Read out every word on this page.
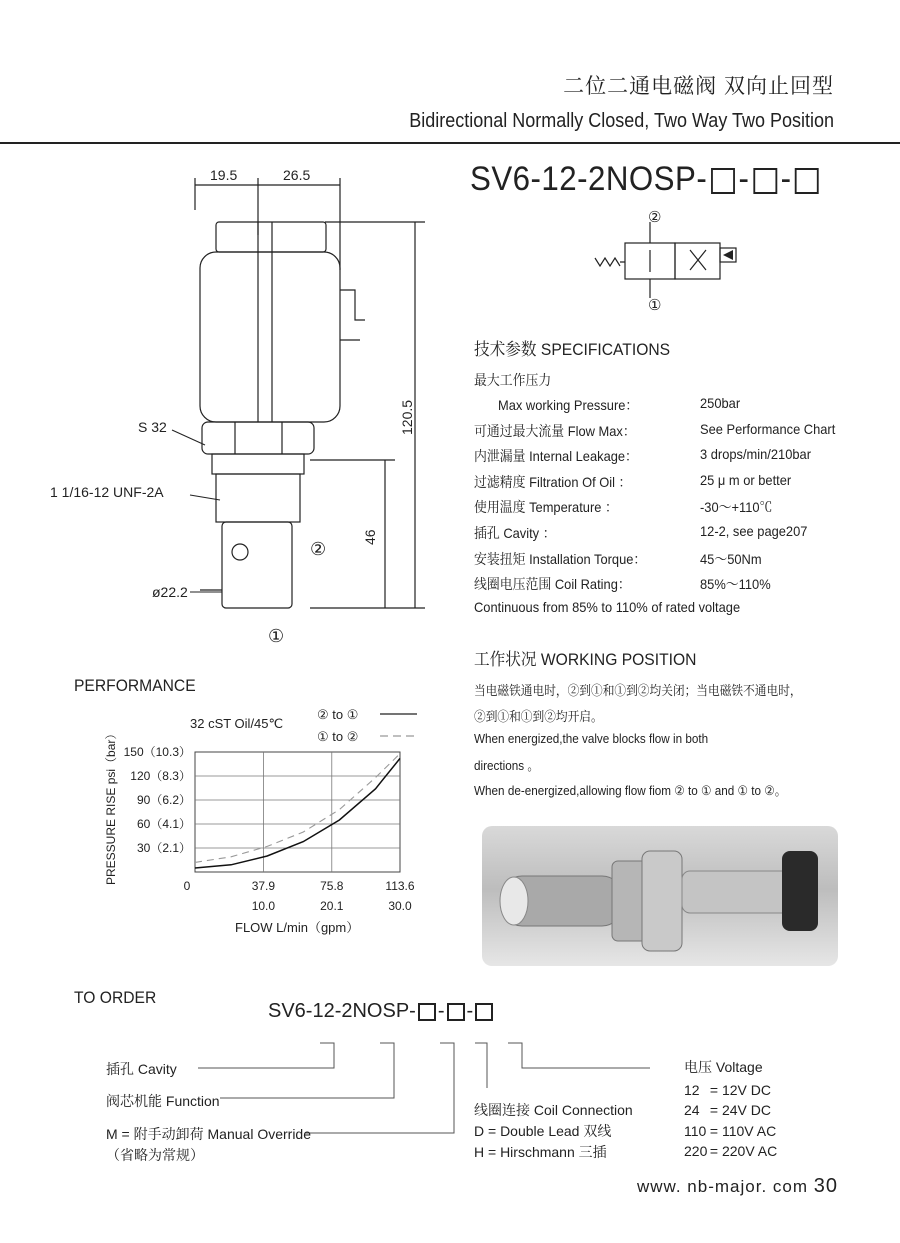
二位二通电磁阀 双向止回型
Bidirectional Normally Closed, Two Way Two Position
SV6-12-2NOSP- - -
19.5	26.5
120.5
46
S 32
1 1/16-12 UNF-2A
ø22.2
②
①
②
①
技术参数 SPECIFICATIONS
最大工作压力
Max working Pressure：	250bar
可通过最大流量 Flow Max：	See Performance Chart
内泄漏量 Internal Leakage：	3 drops/min/210bar
过滤精度 Filtration Of Oil ：	25 μ m or better
使用温度 Temperature ：	-30～+110℃
插孔 Cavity ：	12-2, see page207
安装扭矩 Installation Torque：	45～50Nm
线圈电压范围 Coil Rating：	85%～110%
Continuous from 85% to 110% of rated voltage
工作状况 WORKING POSITION
当电磁铁通电时，②到①和①到②均关闭；当电磁铁不通电时，
②到①和①到②均开启。
When energized,the valve blocks flow in both
directions 。
When de-energized,allowing flow fiom ② to ① and ① to ②。
PERFORMANCE
32 cST Oil/45℃
② to ①
① to ②
150（10.3）
120（8.3）
90（6.2）
60（4.1）
30（2.1）
0	37.9	75.8	113.6
10.0	20.1	30.0
PRESSURE RISE psi（bar）
FLOW L/min（gpm）
TO ORDER
SV6-12-2NOSP- - -
插孔 Cavity
阀芯机能 Function
M = 附手动卸荷 Manual Override
（省略为常规）
线圈连接 Coil Connection
D = Double Lead 双线
H = Hirschmann 三插
电压 Voltage
12 = 12V DC
24 = 24V DC
110 = 110V AC
220 = 220V AC
www. nb-major. com 30
